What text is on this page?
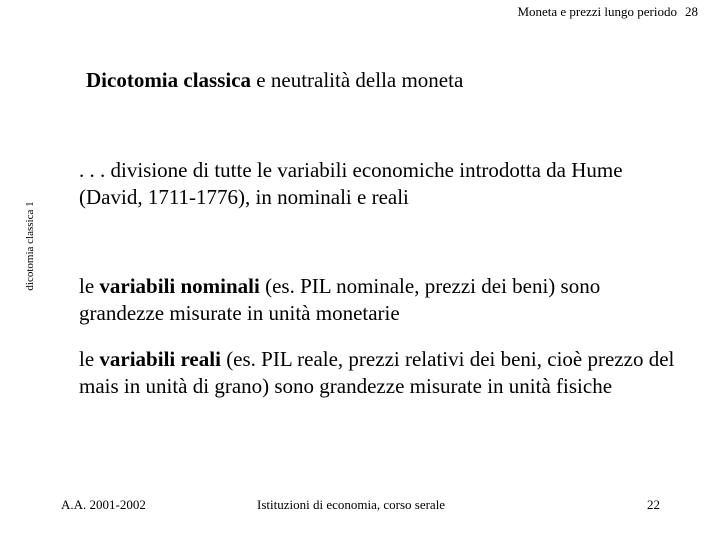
Moneta e prezzi lungo periodo 28
Dicotomia classica e neutralità della moneta
dicotomia classica 1
. . . divisione di tutte le variabili economiche introdotta da Hume (David, 1711-1776), in nominali e reali
le variabili nominali (es. PIL nominale, prezzi dei beni) sono grandezze misurate in unità monetarie
le variabili reali (es. PIL reale, prezzi relativi dei beni, cioè prezzo del mais in unità di grano) sono grandezze misurate in unità fisiche
A.A. 2001-2002	Istituzioni di economia, corso serale	22
